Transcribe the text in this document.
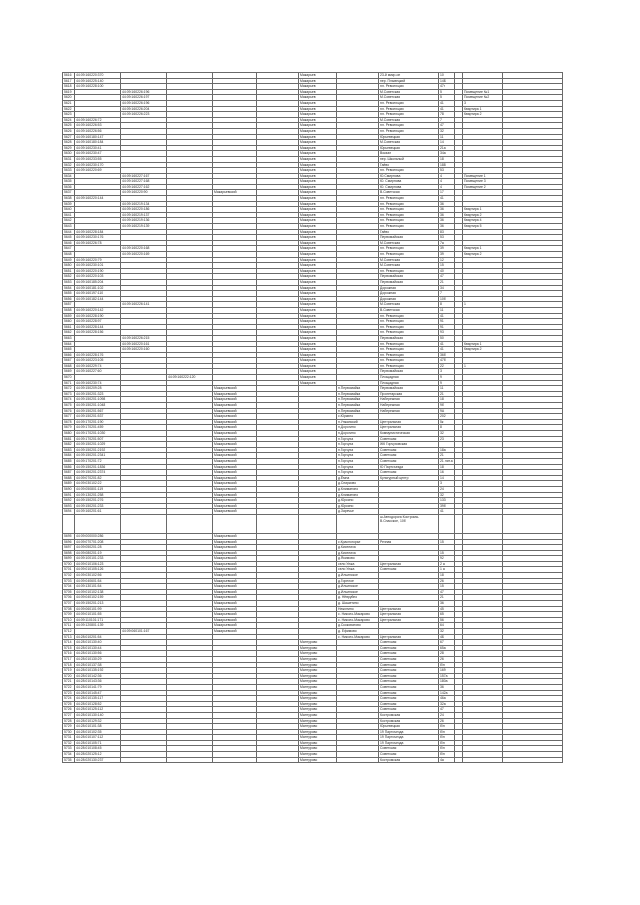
5616	44:09:160220:370					Макарьев		23-й микр-он	10			
5617	44:09:160225:140					Макарьев		пер. Плывецкий	14Б			
5618	44:09:160228:100					Макарьев		пл. Революции	47г			
5619		44:09:160226:196				Макарьев		М.Советская	5		Помещение №1	
5620		44:09:160226:197				Макарьев		М.Советская	5		Помещение №2	
5621		44:09:160226:196				Макарьев		пл. Революции	41		3	
5622		44:09:160226:204				Макарьев		пл. Революции	41		Квартира 1	
5623		44:09:160226:223				Макарьев		пл. Революции	78		Квартира 2	
5624	44:09:160226:72					Макарьев		М.Советская	7			
5625	44:09:160226:53					Макарьев		пл. Революции	47			
5626	44:09:160226:56					Макарьев		пл. Революции	32			
5627	44:09:160180:147					Макарьев		Юрьевецкая	11			
5628	44:09:160180:184					Макарьев		М.Советская	14			
5629	44:09:160230:41					Макарьев		Юрьевецкая	21а			
5630	44:09:160230:47					Макарьев		Вокзал	34а			
5631	44:09:160233:55					Макарьев		пер. Школьный	18			
5632	44:09:160230:170					Макарьев		Гаёво	188			
5633	44:09:160220:69					Макарьев		пл. Революции	53			
5634		44:09:160227:167				Макарьев		Ю.Смирнова	4		Помещение 1	
5635		44:09:160227:168				Макарьев		Ю. Смирнова	4		Помещение 3	
5636		44:09:160227:162				Макарьев		Ю. Смирнова	4		Помещение 2	
5637		44:09:160220:90		Макарьевский		Макарьев		В.Советская	17			
5638	44:09:160220:144					Макарьев		пл. Революции	41			
5639		44:09:160219:134				Макарьев		пл. Революции	36			
5640		44:09:160220:186				Макарьев		пл. Революции	36		Квартира 1	
5641		44:09:160219:137				Макарьев		пл. Революции	36		Квартира 2	
5642		44:09:160219:136				Макарьев		пл. Революции	36		Квартира 4	
5643		44:09:160219:139				Макарьев		пл. Революции	36		Квартира 5	
5644	44:09:160228:184					Макарьев		Гаёво	83			
5645	44:09:160230:176					Макарьев		Первомайская	53			
5646	44:09:160226:78					Макарьев		М.Советская	7а			
5647		44:09:160220:168				Макарьев		пл. Революции	39		Квартира 1	
5648		44:09:160220:169				Макарьев		пл. Революции	39		Квартира 2	
5649	44:09:160220:79					Макарьев		М.Советская	12			
5650	44:09:160230:101					Макарьев		М.Советская	15			
5651	44:09:160220:190					Макарьев		пл. Революции	40			
5652	44:09:160220:103					Макарьев		Первомайская	47			
5653	44:09:160185:204					Макарьев		Первомайская	21			
5654	44:09:160181:102					Макарьев		Дорожная	34			
5655	44:09:160197:110					Макарьев		Дорожная	7			
5656	44:09:160182:144					Макарьев		Дорожная	10б			
5657		44:09:160226:141				Макарьев		М.Советская	8		1	
5658	44:09:160220:142					Макарьев		В.Советская	11			
5659	44:09:160228:190					Макарьев		пл. Революции	41			
5660	44:09:160228:97					Макарьев		пл. Революции	91			
5661	44:09:160228:144					Макарьев		пл. Революции	91			
5662	44:09:160228:156					Макарьев		пл. Революции	93			
5663		44:09:160226:215				Макарьев		Первомайская	50			
5664		44:09:160220:161				Макарьев		пл. Революции	41		Квартира 1	
5665		44:09:160220:160				Макарьев		пл. Революции	41		Квартира 2	
5666	44:09:160228:176					Макарьев		пл. Революции	36б			
5667	44:09:160223:105					Макарьев		пл. Революции	47б			
5668	44:09:160229:74					Макарьев		пл. Революции	22		1	
5669	44:09:160227:60					Макарьев		Первомайская	3			
5670			44:09:160222:120			Макарьев		Площадная	9			
5671	44:09:160230:74					Макарьев		Площадная	9			
5672	44:09:150209:28			Макарьевский			п.Первомайка	Первомайская	11			
5673	44:09:150201:323			Макарьевский			п.Первомайка	Пролетарская	21			
5674	44:09:150201:1098			Макарьевский			п.Первомайка	Набережная	18			
5675	44:09:150201:1048			Макарьевский			п.Первомайка	Набережная	9б			
5676	44:09:150201:567			Макарьевский			п.Первомайка	Набережная	9А			
5677	44:09:150201:537			Макарьевский			с.Юркино		202			
5678	44:09:170201:190			Макарьевский			п.Унжанский	Центральная	5к			
5679	44:09:170201:459			Макарьевский			п.Дорогино	Центральная	8			
5680	44:09:170201:1030			Макарьевский			п.Дорогино	Коммунистическая	32			
5681	44:09:170201:507			Макарьевский			п.Горчуха	Советская	23			
5682	44:09:150201:1029			Макарьевский			п.Горчуха	ЖК Горчуховская				
5683	44:09:150201:2192			Макарьевский			п.Горчуха	Советская	18а			
5684	44:09:150201:2341			Макарьевский			п.Горчуха	Советская	21			
5685	44:09:170201:72			Макарьевский			п.Горчуха	Советская	21 лит.а			
5686	44:09:150201:1836			Макарьевский			п.Горчуха	Ю Партсъезда	18			
5687	44:09:150201:2374			Макарьевский			п.Горчуха	Советская	16			
5688	44:09:070201:82			Макарьевский			д.Ёмна	Культурный центр	14			
5689	44:09:030102:22			Макарьевский			д.Спирково		3			
5690	44:09:050801:119			Макарьевский			д.Климатино		24			
5691	44:09:130201:258			Макарьевский			д.Климатино		32			
5692	44:09:150201:276			Макарьевский			д.Юркино		133			
5693	44:09:150201:233			Макарьевский			д.Юркино		39б			
5694	44:09:160201:61			Макарьевский			д.Заречье		41			
								ш.Автодорога Кострома- В.Спасское, 10б				
5695	44:09:000000:286			Макарьевский								
5696	44:09:070701:208			Макарьевский			с.Красногорье	Речная	15			
5697	44:09:050201:28			Макарьевский			д.Киселиха					
5698	44:09:080201:19			Макарьевский			д.Киселиха		15			
5699	44:09:100101:233			Макарьевский			д.Якимово		92			
5700	44:09:010106:123			Макарьевский			село Унжа	Центральная	2 а			
5701	44:09:010105:126			Макарьевский			село Унжа	Советская	1 а			
5702	44:09:030102:56			Макарьевский			д.Ильинское		18			
5703	44:09:040601:54			Макарьевский			д.Горелое		26			
5704	44:09:130101:54			Макарьевский			д.Ильинское		15			
5705	44:09:010102:138			Макарьевский			д.Ильинское		47			
5706	44:09:040102:159			Макарьевский			д. Нёвруйно		21			
5707	44:09:150201:213			Макарьевский			д. Шашетино		36			
5708	44:09:060101:99			Макарьевский			Нежитино	Центральная	45			
5709	44:09:010101:55			Макарьевский			с. Николо-Макарово	Центральная	65			
5710	44:09:110101:171			Макарьевский			с. Николо-Макарово	Центральная	56			
5711	44:09:120801:139			Макарьевский			д.Скоковатово		64			
5712		44:09:060101:167		Макарьевский			д. Ефимово		32			
5713	44:28:010201:54						с. Николо-Макарово	Центральная	4Б			
5714	44:28:010130:40					Мантурово		Советская	67			
5715	44:28:010130:44					Мантурово		Советская	65а			
5716	44:28:010130:56					Мантурово		Советская	28			
5717	44:28:010130:29					Мантурово		Советская	26			
5718	44:28:010137:38					Мантурово		Советская	б/н			
5719	44:28:010135:192					Мантурово		Советская	169			
5720	44:28:010142:36					Мантурово		Советская	157а			
5721	44:28:010143:36					Мантурово		Советская	180а			
5722	44:28:010141:79					Мантурово		Советская	36			
5723	44:28:010145:47					Мантурово		Советская	142а			
5724	44:28:010135:117					Мантурово		Советская	46а			
5725	44:28:010128:52					Мантурово		Советская	32а			
5726	44:28:010125:112					Мантурово		Советская	47			
5727	44:28:010130:140					Мантурово		Костромская	24			
5728	44:28:010129:32					Мантурово		Костромская	26			
5729	44:28:010101:38					Мантурово		Юрьевецкая	б/н			
5730	44:28:010102:35					Мантурово		19 Партсъезда	б/н			
5731	44:28:010107:112					Мантурово		19 Партсъезда	б/н			
5732	44:28:010105:71					Мантурово		19 Партсъезда	б/н			
5733	44:28:010108:45					Мантурово		Советская	б/н			
5734	44:28:020125:12					Мантурово		Советская	б/н			
5735	44:28:020130:237					Мантурово		Костромская	4а			
